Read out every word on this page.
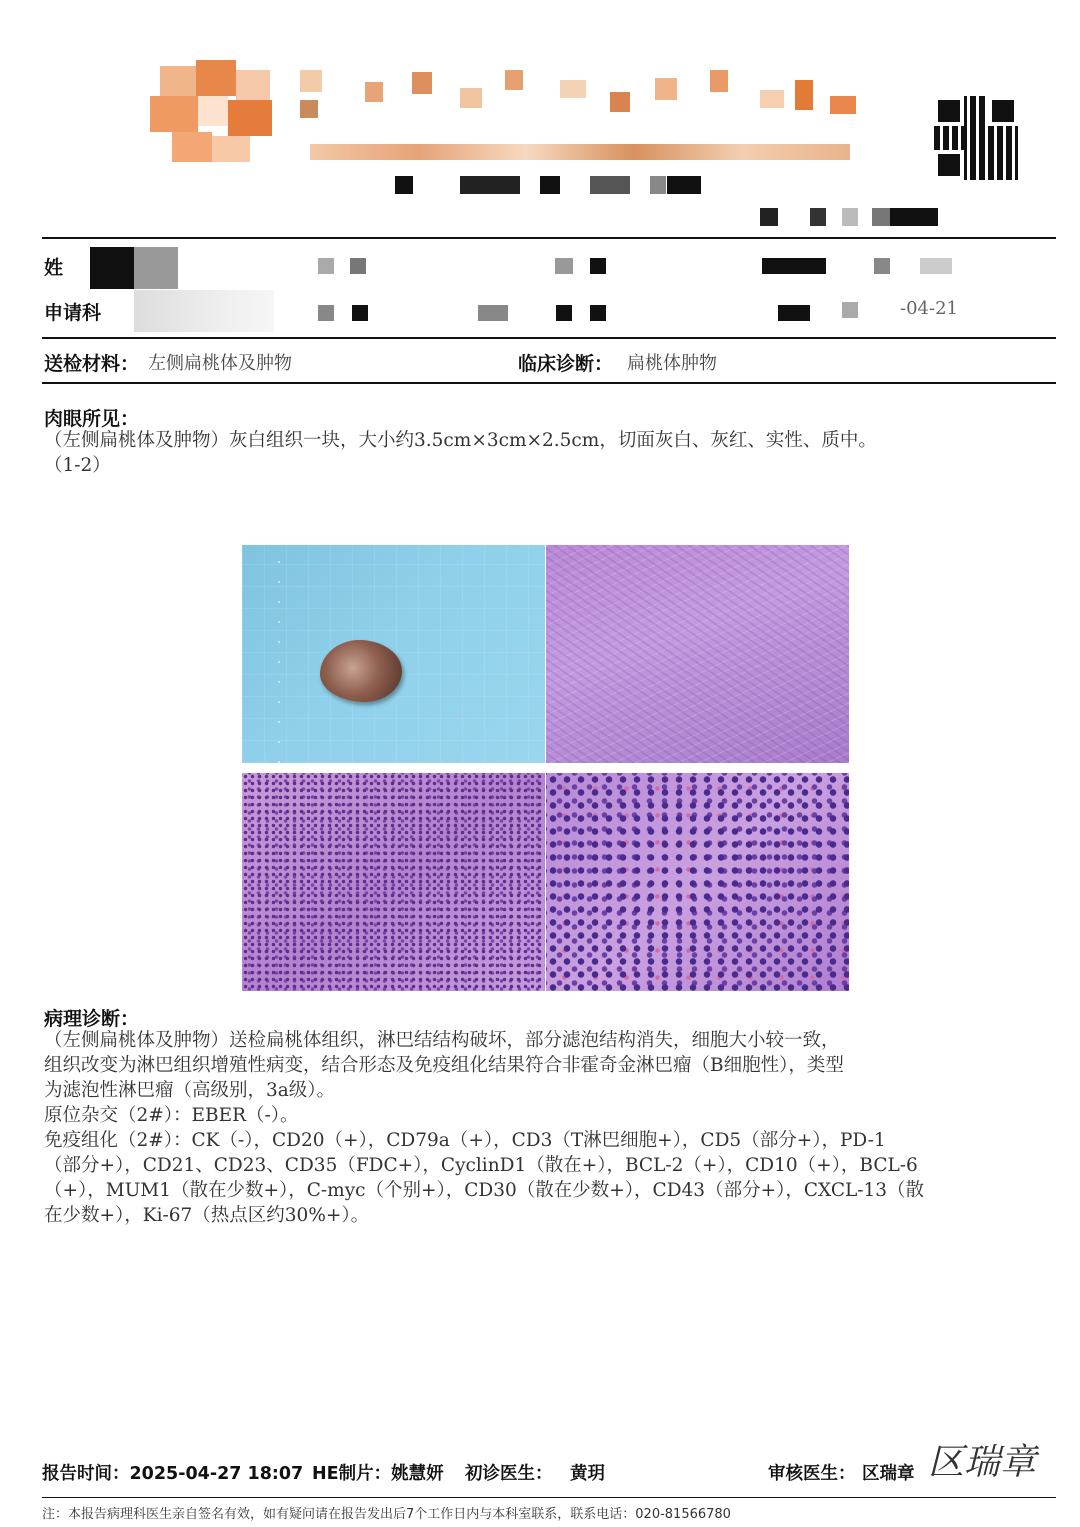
姓
申请科	-04-21
送检材料： 左侧扁桃体及肿物	临床诊断： 扁桃体肿物
肉眼所见：
（左侧扁桃体及肿物）灰白组织一块，大小约3.5cm×3cm×2.5cm，切面灰白、灰红、实性、质中。
（1-2）
病理诊断：
（左侧扁桃体及肿物）送检扁桃体组织，淋巴结结构破坏，部分滤泡结构消失，细胞大小较一致，
组织改变为淋巴组织增殖性病变，结合形态及免疫组化结果符合非霍奇金淋巴瘤（B细胞性），类型
为滤泡性淋巴瘤（高级别，3a级）。
原位杂交（2#）：EBER（-）。
免疫组化（2#）：CK（-），CD20（+），CD79a（+），CD3（T淋巴细胞+），CD5（部分+），PD-1
（部分+），CD21、CD23、CD35（FDC+），CyclinD1（散在+），BCL-2（+），CD10（+），BCL-6
（+），MUM1（散在少数+），C-myc（个别+），CD30（散在少数+），CD43（部分+），CXCL-13（散
在少数+），Ki-67（热点区约30%+）。
报告时间：2025-04-27 18:07 HE制片：姚慧妍 初诊医生： 黄玥	审核医生： 区瑞章 区瑞章
注：本报告病理科医生亲自签名有效，如有疑问请在报告发出后7个工作日内与本科室联系，联系电话：020-81566780
